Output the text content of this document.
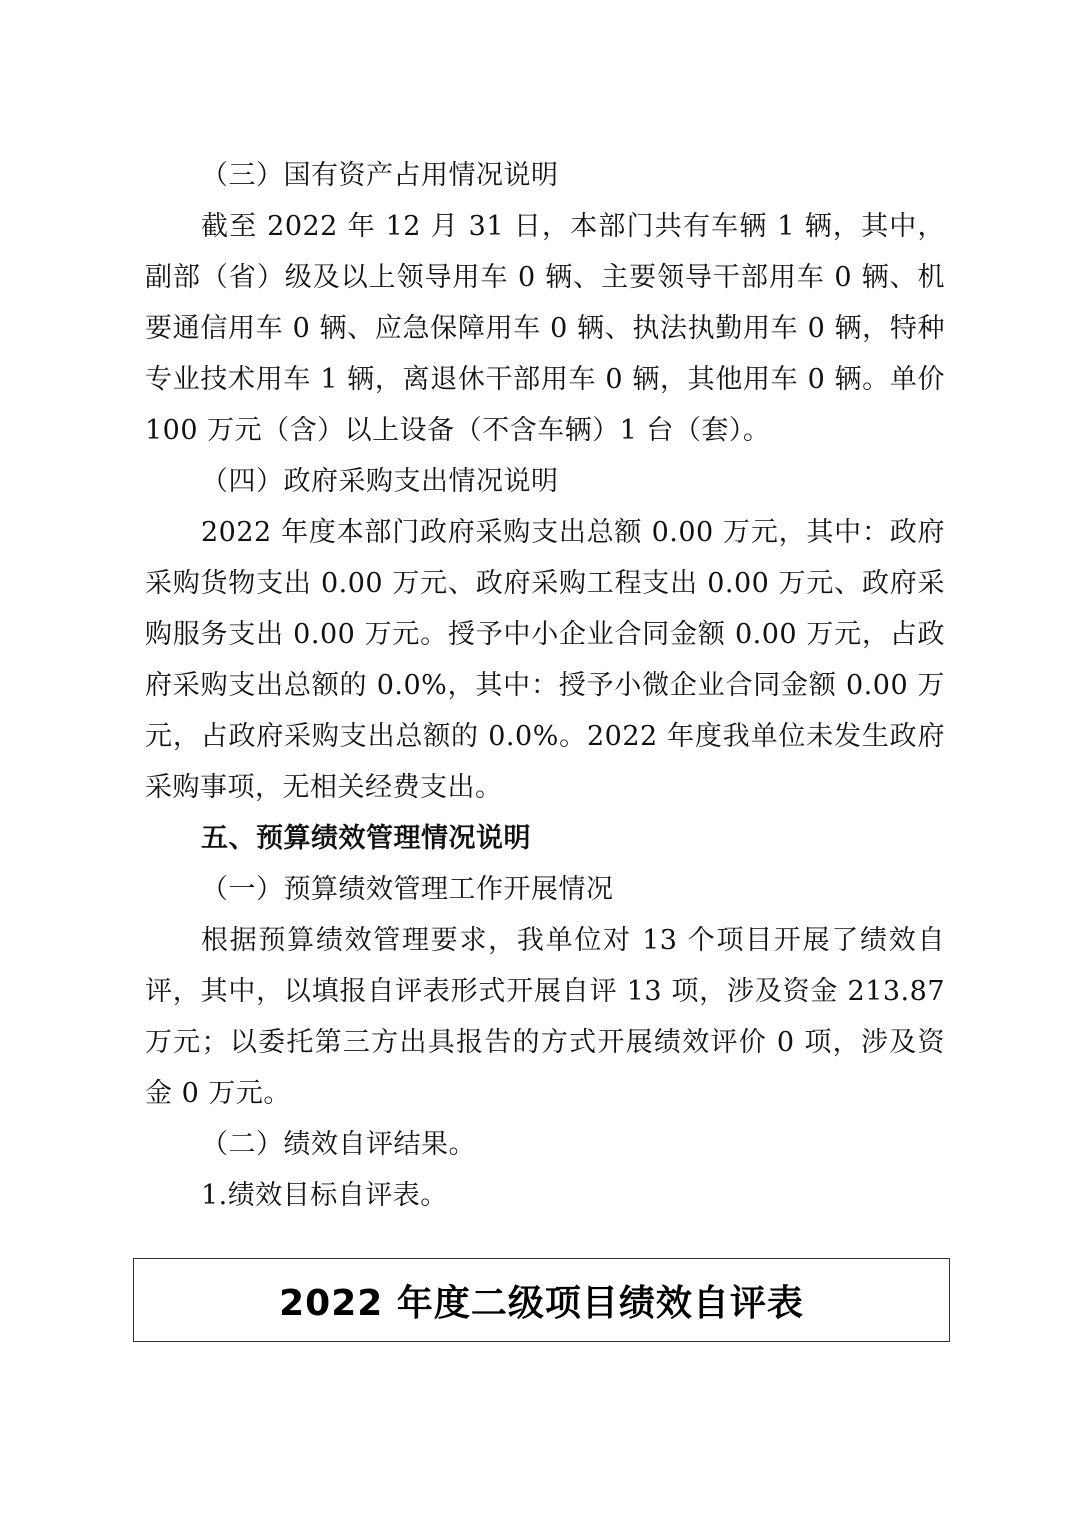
（三）国有资产占用情况说明

截至 2022 年 12 月 31 日，本部门共有车辆 1 辆，其中，副部（省）级及以上领导用车 0 辆、主要领导干部用车 0 辆、机要通信用车 0 辆、应急保障用车 0 辆、执法执勤用车 0 辆，特种专业技术用车 1 辆，离退休干部用车 0 辆，其他用车 0 辆。单价 100 万元（含）以上设备（不含车辆）1 台（套）。

（四）政府采购支出情况说明

2022 年度本部门政府采购支出总额 0.00 万元，其中：政府采购货物支出 0.00 万元、政府采购工程支出 0.00 万元、政府采购服务支出 0.00 万元。授予中小企业合同金额 0.00 万元，占政府采购支出总额的 0.0%，其中：授予小微企业合同金额 0.00 万元，占政府采购支出总额的 0.0%。2022 年度我单位未发生政府采购事项，无相关经费支出。

五、预算绩效管理情况说明

（一）预算绩效管理工作开展情况

根据预算绩效管理要求，我单位对 13 个项目开展了绩效自评，其中，以填报自评表形式开展自评 13 项，涉及资金 213.87 万元；以委托第三方出具报告的方式开展绩效评价 0 项，涉及资金 0 万元。

（二）绩效自评结果。

1.绩效目标自评表。

2022 年度二级项目绩效自评表
